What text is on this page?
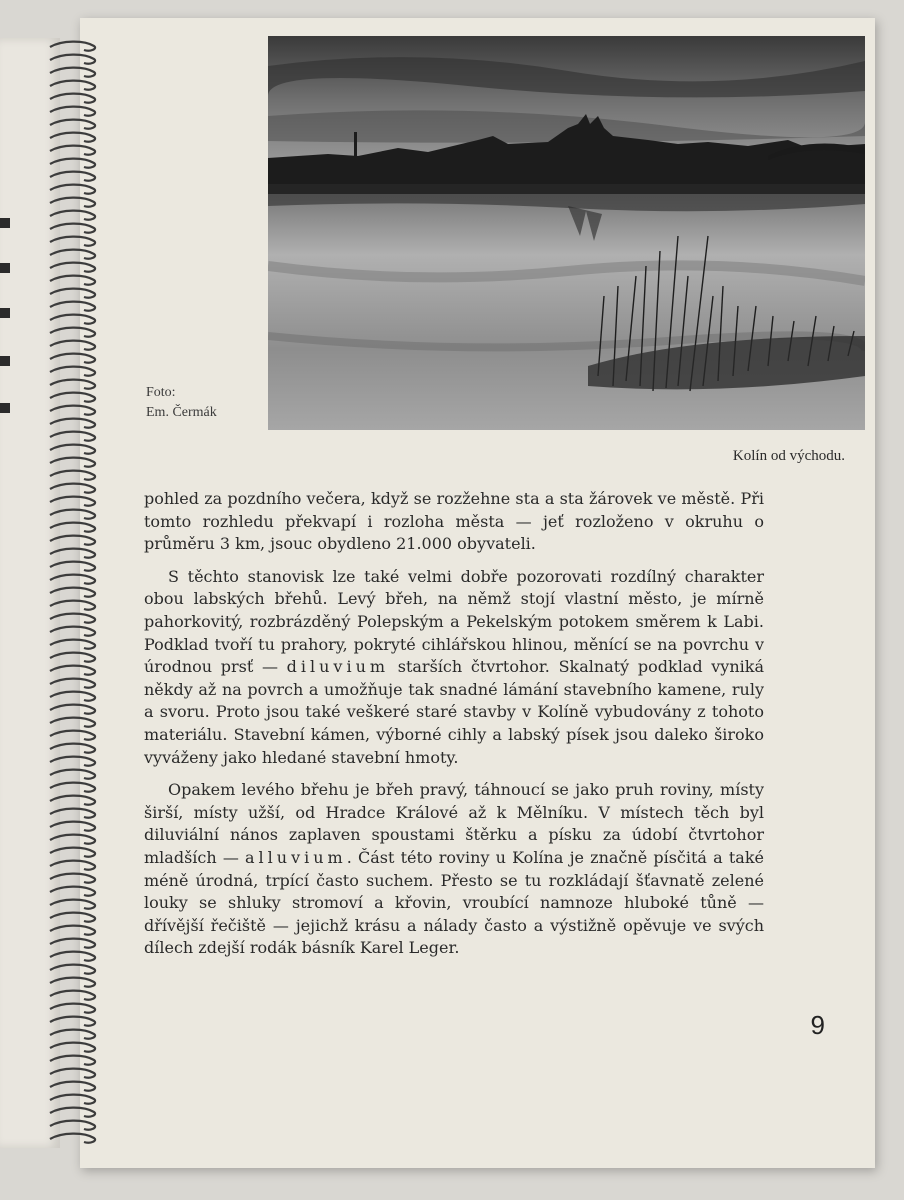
Foto:
Em. Čermák
Kolín od východu.

pohled za pozdního večera, když se rozžehne sta a sta žárovek ve městě. Při tomto rozhledu překvapí i rozloha města — jeť rozloženo v okruhu o průměru 3 km, jsouc obydleno 21.000 obyvateli.

S těchto stanovisk lze také velmi dobře pozorovati rozdílný charakter obou labských břehů. Levý břeh, na němž stojí vlastní město, je mírně pahorkovitý, rozbrázděný Polepským a Pekelským potokem směrem k Labi. Podklad tvoří tu prahory, pokryté cihlářskou hlinou, měnící se na povrchu v úrodnou prsť — diluvium starších čtvrtohor. Skalnatý podklad vyniká někdy až na povrch a umožňuje tak snadné lámání stavebního kamene, ruly a svoru. Proto jsou také veškeré staré stavby v Kolíně vybudovány z tohoto materiálu. Stavební kámen, výborné cihly a labský písek jsou daleko široko vyváženy jako hledané stavební hmoty.

Opakem levého břehu je břeh pravý, táhnoucí se jako pruh roviny, místy širší, místy užší, od Hradce Králové až k Mělníku. V místech těch byl diluviální nános zaplaven spoustami štěrku a písku za údobí čtvrtohor mladších — alluvium. Část této roviny u Kolína je značně písčitá a také méně úrodná, trpící často suchem. Přesto se tu rozkládají šťavnatě zelené louky se shluky stromoví a křovin, vroubící namnoze hluboké tůně — dřívější řečiště — jejichž krásu a nálady často a výstižně opěvuje ve svých dílech zdejší rodák básník Karel Leger.

9
